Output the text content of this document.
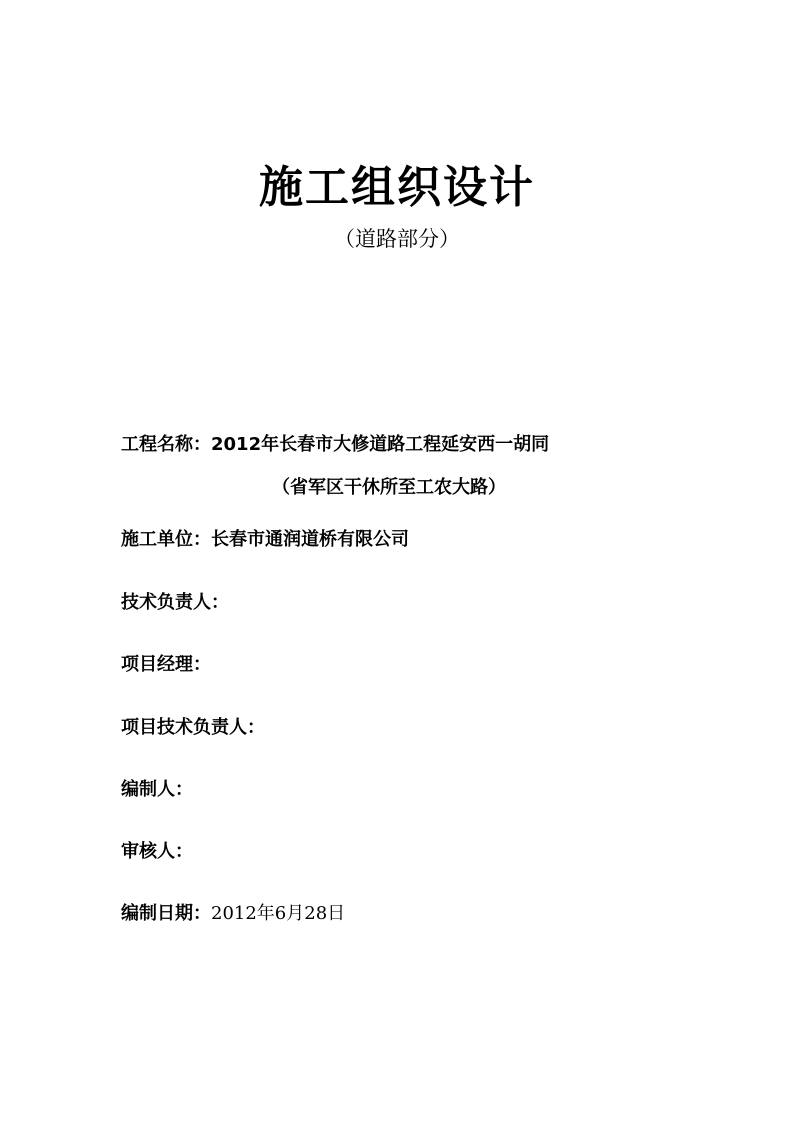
施工组织设计
（道路部分）
工程名称：2012年长春市大修道路工程延安西一胡同
（省军区干休所至工农大路）
施工单位：长春市通润道桥有限公司
技术负责人：
项目经理：
项目技术负责人：
编制人：
审核人：
编制日期：2012年6月28日
